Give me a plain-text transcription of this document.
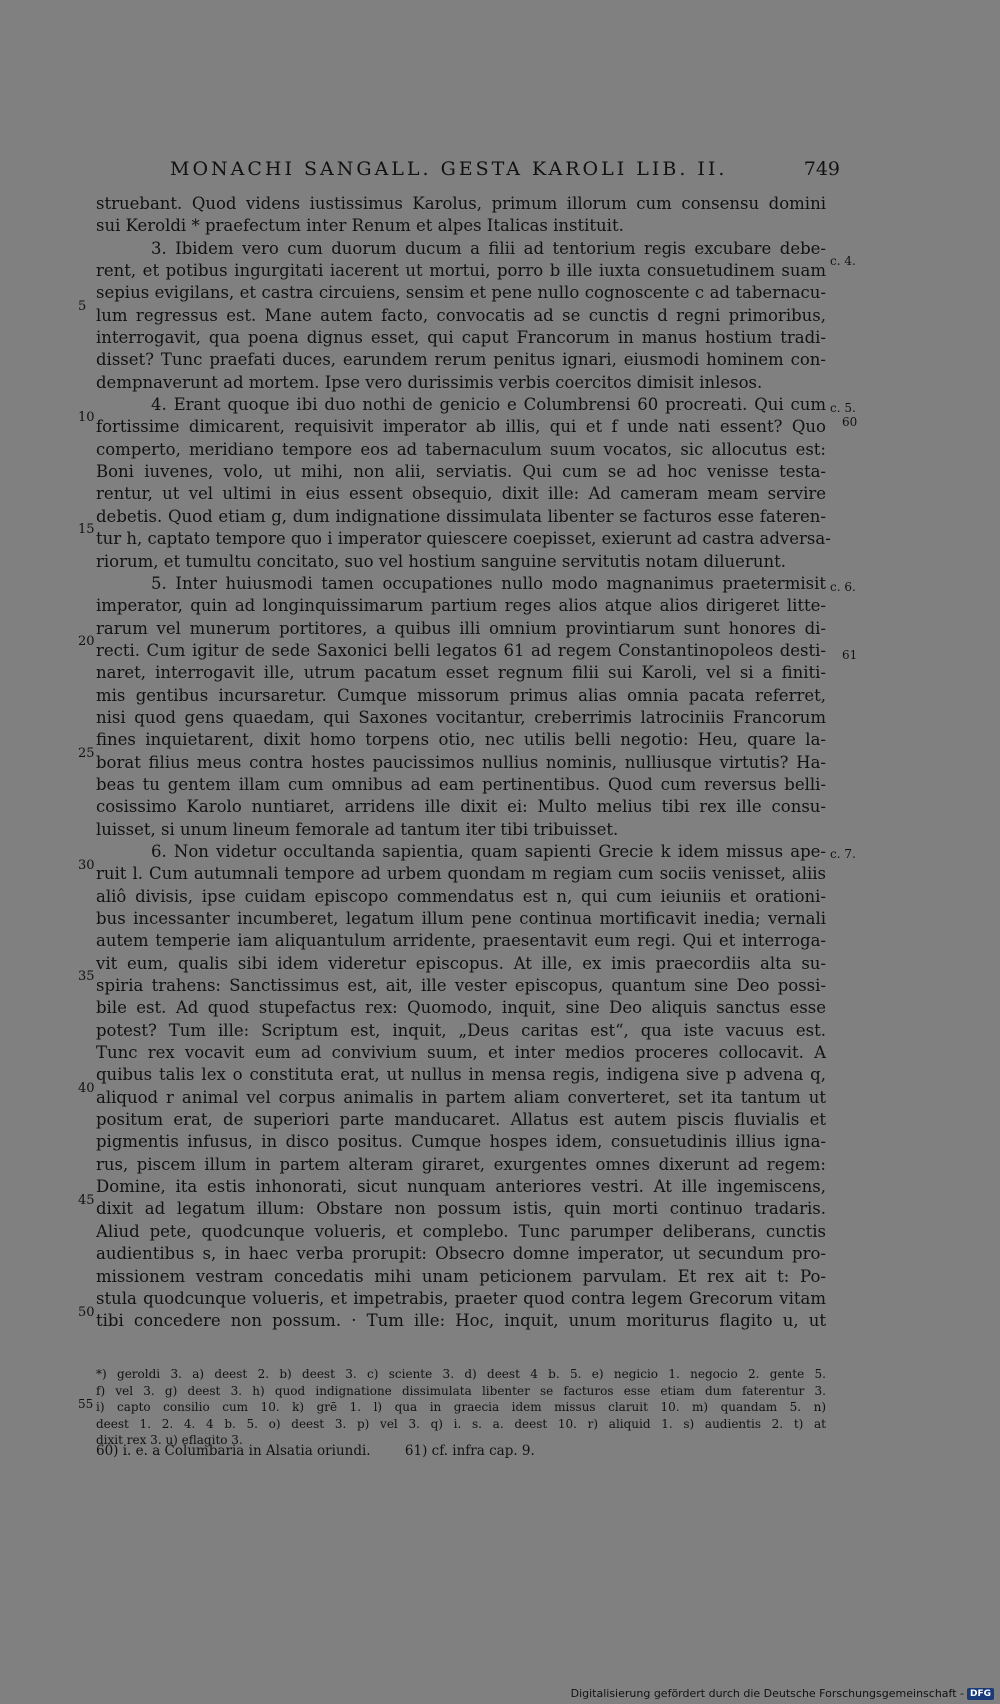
MONACHI SANGALL. GESTA KAROLI LIB. II.	749
struebant. Quod videns iustissimus Karolus, primum illorum cum consensu domini
sui Keroldi * praefectum inter Renum et alpes Italicas instituit.
3. Ibidem vero cum duorum ducum a filii ad tentorium regis excubare debe-
rent, et potibus ingurgitati iacerent ut mortui, porro b ille iuxta consuetudinem suam
sepius evigilans, et castra circuiens, sensim et pene nullo cognoscente c ad tabernacu-
lum regressus est. Mane autem facto, convocatis ad se cunctis d regni primoribus,
interrogavit, qua poena dignus esset, qui caput Francorum in manus hostium tradi-
disset? Tunc praefati duces, earundem rerum penitus ignari, eiusmodi hominem con-
dempnaverunt ad mortem. Ipse vero durissimis verbis coercitos dimisit inlesos.
4. Erant quoque ibi duo nothi de genicio e Columbrensi 60 procreati. Qui cum
fortissime dimicarent, requisivit imperator ab illis, qui et f unde nati essent? Quo
comperto, meridiano tempore eos ad tabernaculum suum vocatos, sic allocutus est:
Boni iuvenes, volo, ut mihi, non alii, serviatis. Qui cum se ad hoc venisse testa-
rentur, ut vel ultimi in eius essent obsequio, dixit ille: Ad cameram meam servire
debetis. Quod etiam g, dum indignatione dissimulata libenter se facturos esse fateren-
tur h, captato tempore quo i imperator quiescere coepisset, exierunt ad castra adversa-
riorum, et tumultu concitato, suo vel hostium sanguine servitutis notam diluerunt.
5. Inter huiusmodi tamen occupationes nullo modo magnanimus praetermisit
imperator, quin ad longinquissimarum partium reges alios atque alios dirigeret litte-
rarum vel munerum portitores, a quibus illi omnium provintiarum sunt honores di-
recti. Cum igitur de sede Saxonici belli legatos 61 ad regem Constantinopoleos desti-
naret, interrogavit ille, utrum pacatum esset regnum filii sui Karoli, vel si a finiti-
mis gentibus incursaretur. Cumque missorum primus alias omnia pacata referret,
nisi quod gens quaedam, qui Saxones vocitantur, creberrimis latrociniis Francorum
fines inquietarent, dixit homo torpens otio, nec utilis belli negotio: Heu, quare la-
borat filius meus contra hostes paucissimos nullius nominis, nulliusque virtutis? Ha-
beas tu gentem illam cum omnibus ad eam pertinentibus. Quod cum reversus belli-
cosissimo Karolo nuntiaret, arridens ille dixit ei: Multo melius tibi rex ille consu-
luisset, si unum lineum femorale ad tantum iter tibi tribuisset.
6. Non videtur occultanda sapientia, quam sapienti Grecie k idem missus ape-
ruit l. Cum autumnali tempore ad urbem quondam m regiam cum sociis venisset, aliis
aliô divisis, ipse cuidam episcopo commendatus est n, qui cum ieiuniis et orationi-
bus incessanter incumberet, legatum illum pene continua mortificavit inedia; vernali
autem temperie iam aliquantulum arridente, praesentavit eum regi. Qui et interroga-
vit eum, qualis sibi idem videretur episcopus. At ille, ex imis praecordiis alta su-
spiria trahens: Sanctissimus est, ait, ille vester episcopus, quantum sine Deo possi-
bile est. Ad quod stupefactus rex: Quomodo, inquit, sine Deo aliquis sanctus esse
potest? Tum ille: Scriptum est, inquit, „Deus caritas est“, qua iste vacuus est.
Tunc rex vocavit eum ad convivium suum, et inter medios proceres collocavit. A
quibus talis lex o constituta erat, ut nullus in mensa regis, indigena sive p advena q,
aliquod r animal vel corpus animalis in partem aliam converteret, set ita tantum ut
positum erat, de superiori parte manducaret. Allatus est autem piscis fluvialis et
pigmentis infusus, in disco positus. Cumque hospes idem, consuetudinis illius igna-
rus, piscem illum in partem alteram giraret, exurgentes omnes dixerunt ad regem:
Domine, ita estis inhonorati, sicut nunquam anteriores vestri. At ille ingemiscens,
dixit ad legatum illum: Obstare non possum istis, quin morti continuo tradaris.
Aliud pete, quodcunque volueris, et complebo. Tunc parumper deliberans, cunctis
audientibus s, in haec verba prorupit: Obsecro domne imperator, ut secundum pro-
missionem vestram concedatis mihi unam peticionem parvulam. Et rex ait t: Po-
stula quodcunque volueris, et impetrabis, praeter quod contra legem Grecorum vitam
tibi concedere non possum. · Tum ille: Hoc, inquit, unum moriturus flagito u, ut
5
10
15
20
25
30
35
40
45
50
c. 4.
c. 5.
60
c. 6.
61
c. 7.
*) geroldi 3. a) deest 2. b) deest 3. c) sciente 3. d) deest 4 b. 5. e) negicio 1. negocio 2. gente 5.
f) vel 3. g) deest 3. h) quod indignatione dissimulata libenter se facturos esse etiam dum faterentur 3.
i) capto consilio cum 10. k) grē 1. l) qua in graecia idem missus claruit 10. m) quandam 5. n)
deest 1. 2. 4. 4 b. 5. o) deest 3. p) vel 3. q) i. s. a. deest 10. r) aliquid 1. s) audientis 2. t) at
dixit rex 3. u) eflagito 3.
55
60) i. e. a Columbaria in Alsatia oriundi.	61) cf. infra cap. 9.
Digitalisierung gefördert durch die Deutsche Forschungsgemeinschaft - DFG
